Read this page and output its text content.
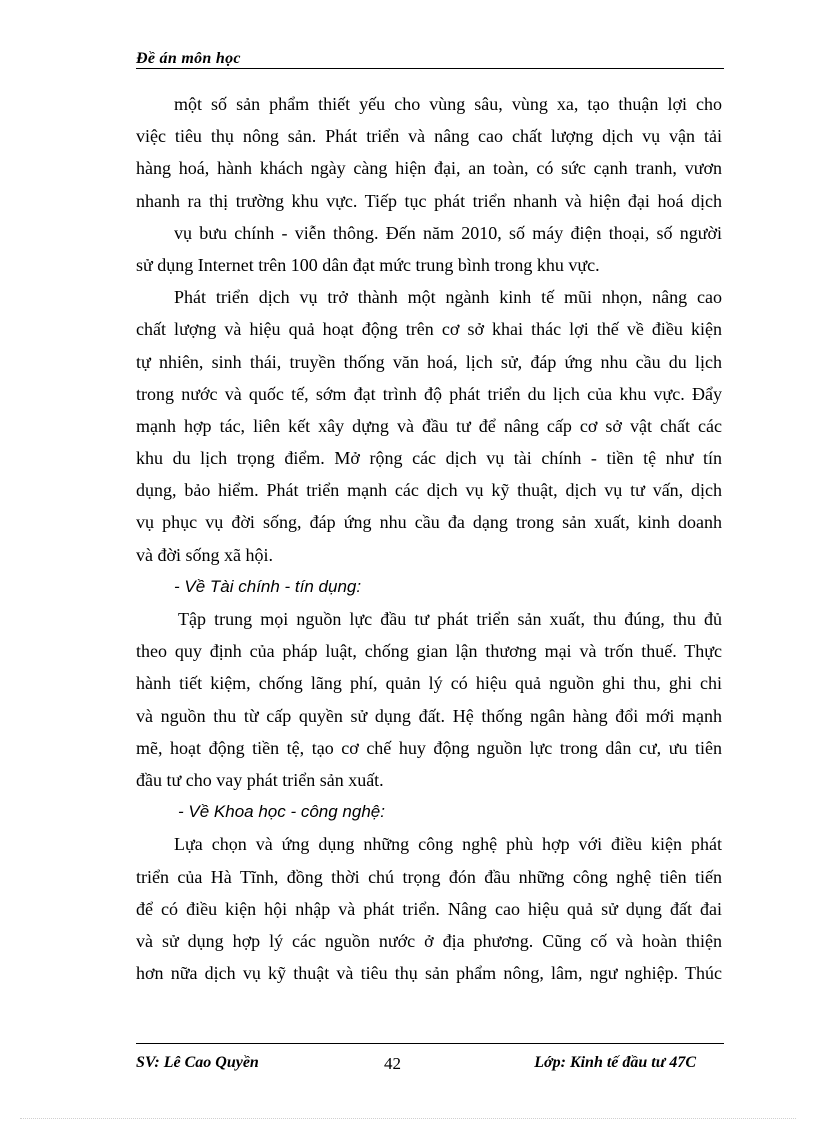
Đề án môn học
một số sản phẩm thiết yếu cho vùng sâu, vùng xa, tạo thuận lợi cho
việc tiêu thụ nông sản. Phát triển và nâng cao chất lượng dịch vụ vận tải
hàng hoá, hành khách ngày càng hiện đại, an toàn, có sức cạnh tranh, vươn
nhanh ra thị trường khu vực. Tiếp tục phát triển nhanh và hiện đại hoá dịch
vụ bưu chính - viễn thông. Đến năm 2010, số máy điện thoại, số người
sử dụng Internet trên 100 dân đạt mức trung bình trong khu vực.
Phát triển dịch vụ trở thành một ngành kinh tế mũi nhọn, nâng cao
chất lượng và hiệu quả hoạt động trên cơ sở khai thác lợi thế về điều kiện
tự nhiên, sinh thái, truyền thống văn hoá, lịch sử, đáp ứng nhu cầu du lịch
trong nước và quốc tế, sớm đạt trình độ phát triển du lịch của khu vực. Đẩy
mạnh hợp tác, liên kết xây dựng và đầu tư để nâng cấp cơ sở vật chất các
khu du lịch trọng điểm. Mở rộng các dịch vụ tài chính - tiền tệ như tín
dụng, bảo hiểm. Phát triển mạnh các dịch vụ kỹ thuật, dịch vụ tư vấn, dịch
vụ phục vụ đời sống, đáp ứng nhu cầu đa dạng trong sản xuất, kinh doanh
và đời sống xã hội.
- Về Tài chính - tín dụng:
Tập trung mọi nguồn lực đầu tư phát triển sản xuất, thu đúng, thu đủ
theo quy định của pháp luật, chống gian lận thương mại và trốn thuế. Thực
hành tiết kiệm, chống lãng phí, quản lý có hiệu quả nguồn ghi thu, ghi chi
và nguồn thu từ cấp quyền sử dụng đất. Hệ thống ngân hàng đổi mới mạnh
mẽ, hoạt động tiền tệ, tạo cơ chế huy động nguồn lực trong dân cư, ưu tiên
đầu tư cho vay phát triển sản xuất.
- Về Khoa học - công nghệ:
Lựa chọn và ứng dụng những công nghệ phù hợp với điều kiện phát
triển của Hà Tĩnh, đồng thời chú trọng đón đầu những công nghệ tiên tiến
để có điều kiện hội nhập và phát triển. Nâng cao hiệu quả sử dụng đất đai
và sử dụng hợp lý các nguồn nước ở địa phương. Cũng cố và hoàn thiện
hơn nữa dịch vụ kỹ thuật và tiêu thụ sản phẩm nông, lâm, ngư nghiệp. Thúc
SV: Lê Cao Quyền	42	Lớp: Kinh tế đầu tư 47C
